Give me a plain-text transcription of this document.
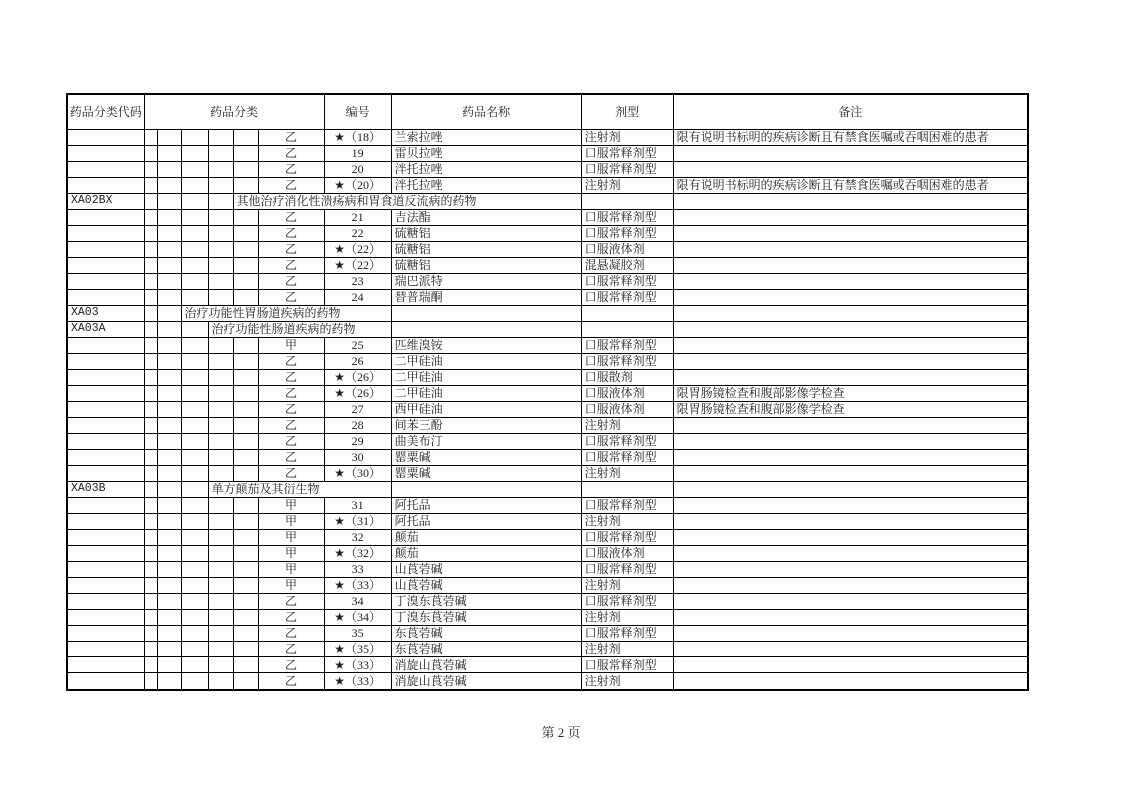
药品分类代码	药品分类						编号	药品名称	剂型	备注
						乙	★（18）	兰索拉唑	注射剂	限有说明书标明的疾病诊断且有禁食医嘱或吞咽困难的患者
						乙	19	雷贝拉唑	口服常释剂型	
						乙	20	泮托拉唑	口服常释剂型	
						乙	★（20）	泮托拉唑	注射剂	限有说明书标明的疾病诊断且有禁食医嘱或吞咽困难的患者
XA02BX					其他治疗消化性溃疡病和胃食道反流病的药物					
						乙	21	吉法酯	口服常释剂型	
						乙	22	硫糖铝	口服常释剂型	
						乙	★（22）	硫糖铝	口服液体剂	
						乙	★（22）	硫糖铝	混悬凝胶剂	
						乙	23	瑞巴派特	口服常释剂型	
						乙	24	替普瑞酮	口服常释剂型	
XA03			治疗功能性胃肠道疾病的药物							
XA03A				治疗功能性肠道疾病的药物						
						甲	25	匹维溴铵	口服常释剂型	
						乙	26	二甲硅油	口服常释剂型	
						乙	★（26）	二甲硅油	口服散剂	
						乙	★（26）	二甲硅油	口服液体剂	限胃肠镜检查和腹部影像学检查
						乙	27	西甲硅油	口服液体剂	限胃肠镜检查和腹部影像学检查
						乙	28	间苯三酚	注射剂	
						乙	29	曲美布汀	口服常释剂型	
						乙	30	罂粟碱	口服常释剂型	
						乙	★（30）	罂粟碱	注射剂	
XA03B				单方颠茄及其衍生物						
						甲	31	阿托品	口服常释剂型	
						甲	★（31）	阿托品	注射剂	
						甲	32	颠茄	口服常释剂型	
						甲	★（32）	颠茄	口服液体剂	
						甲	33	山莨菪碱	口服常释剂型	
						甲	★（33）	山莨菪碱	注射剂	
						乙	34	丁溴东莨菪碱	口服常释剂型	
						乙	★（34）	丁溴东莨菪碱	注射剂	
						乙	35	东莨菪碱	口服常释剂型	
						乙	★（35）	东莨菪碱	注射剂	
						乙	★（33）	消旋山莨菪碱	口服常释剂型	
						乙	★（33）	消旋山莨菪碱	注射剂	
第 2 页
